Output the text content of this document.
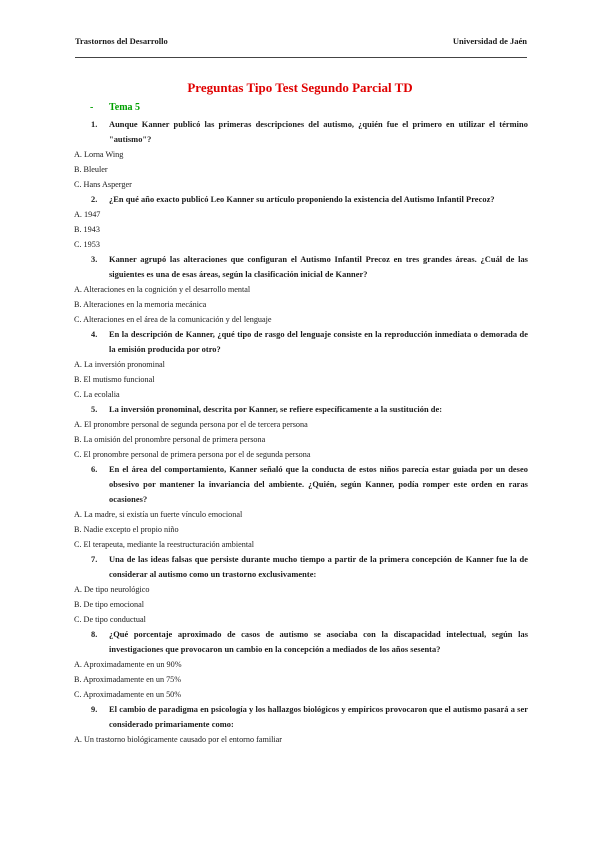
Trastornos del Desarrollo	Universidad de Jaén
Preguntas Tipo Test Segundo Parcial TD
- Tema 5
1. Aunque Kanner publicó las primeras descripciones del autismo, ¿quién fue el primero en utilizar el término "autismo"?
A. Lorna Wing
B. Bleuler
C. Hans Asperger
2. ¿En qué año exacto publicó Leo Kanner su artículo proponiendo la existencia del Autismo Infantil Precoz?
A. 1947
B. 1943
C. 1953
3. Kanner agrupó las alteraciones que configuran el Autismo Infantil Precoz en tres grandes áreas. ¿Cuál de las siguientes es una de esas áreas, según la clasificación inicial de Kanner?
A. Alteraciones en la cognición y el desarrollo mental
B. Alteraciones en la memoria mecánica
C. Alteraciones en el área de la comunicación y del lenguaje
4. En la descripción de Kanner, ¿qué tipo de rasgo del lenguaje consiste en la reproducción inmediata o demorada de la emisión producida por otro?
A. La inversión pronominal
B. El mutismo funcional
C. La ecolalia
5. La inversión pronominal, descrita por Kanner, se refiere específicamente a la sustitución de:
A. El pronombre personal de segunda persona por el de tercera persona
B. La omisión del pronombre personal de primera persona
C. El pronombre personal de primera persona por el de segunda persona
6. En el área del comportamiento, Kanner señaló que la conducta de estos niños parecía estar guiada por un deseo obsesivo por mantener la invariancia del ambiente. ¿Quién, según Kanner, podía romper este orden en raras ocasiones?
A. La madre, si existía un fuerte vínculo emocional
B. Nadie excepto el propio niño
C. El terapeuta, mediante la reestructuración ambiental
7. Una de las ideas falsas que persiste durante mucho tiempo a partir de la primera concepción de Kanner fue la de considerar al autismo como un trastorno exclusivamente:
A. De tipo neurológico
B. De tipo emocional
C. De tipo conductual
8. ¿Qué porcentaje aproximado de casos de autismo se asociaba con la discapacidad intelectual, según las investigaciones que provocaron un cambio en la concepción a mediados de los años sesenta?
A. Aproximadamente en un 90%
B. Aproximadamente en un 75%
C. Aproximadamente en un 50%
9. El cambio de paradigma en psicología y los hallazgos biológicos y empíricos provocaron que el autismo pasará a ser considerado primariamente como:
A. Un trastorno biológicamente causado por el entorno familiar
